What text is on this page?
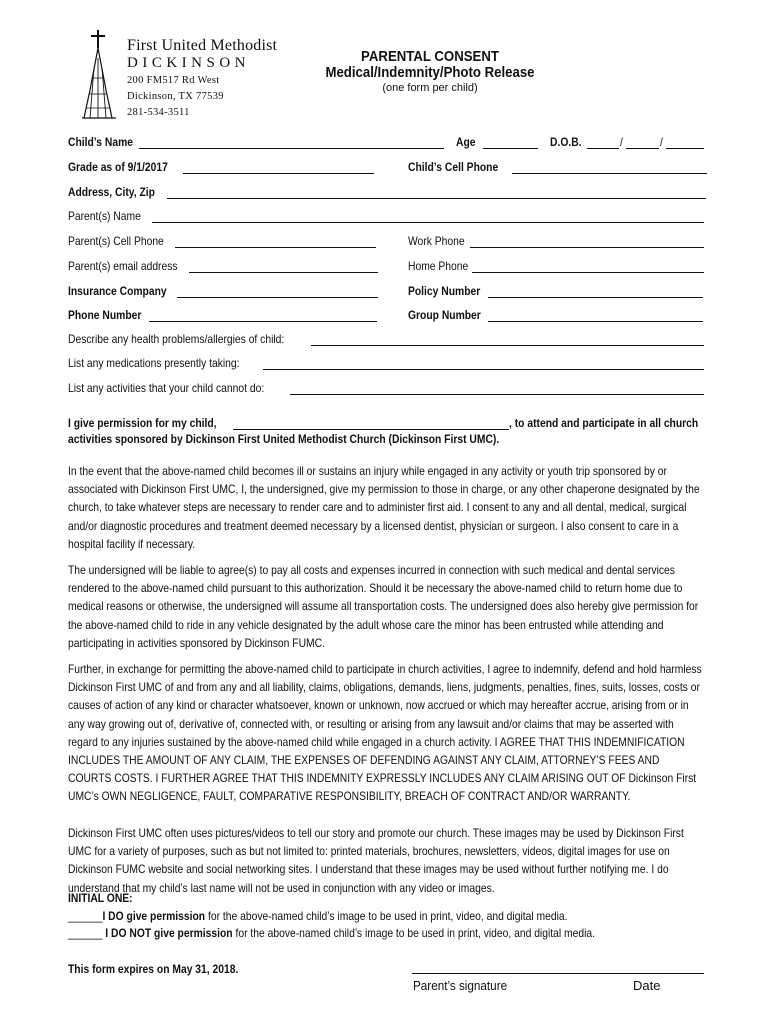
First United Methodist
DICKINSON
200 FM517 Rd West
Dickinson, TX 77539
281-534-3511
PARENTAL CONSENT
Medical/Indemnity/Photo Release
(one form per child)
Child’s Name	Age	D.O.B.	/	/
Grade as of 9/1/2017	Child’s Cell Phone
Address, City, Zip
Parent(s) Name
Parent(s) Cell Phone	Work Phone
Parent(s) email address	Home Phone
Insurance Company	Policy Number
Phone Number	Group Number
Describe any health problems/allergies of child:
List any medications presently taking:
List any activities that your child cannot do:
I give permission for my child,	, to attend and participate in all church
activities sponsored by Dickinson First United Methodist Church (Dickinson First UMC).
In the event that the above-named child becomes ill or sustains an injury while engaged in any activity or youth trip sponsored by or associated with Dickinson First UMC, I, the undersigned, give my permission to those in charge, or any other chaperone designated by the church, to take whatever steps are necessary to render care and to administer first aid. I consent to any and all dental, medical, surgical and/or diagnostic procedures and treatment deemed necessary by a licensed dentist, physician or surgeon. I also consent to care in a hospital facility if necessary.
The undersigned will be liable to agree(s) to pay all costs and expenses incurred in connection with such medical and dental services rendered to the above-named child pursuant to this authorization. Should it be necessary the above-named child to return home due to medical reasons or otherwise, the undersigned will assume all transportation costs. The undersigned does also hereby give permission for the above-named child to ride in any vehicle designated by the adult whose care the minor has been entrusted while attending and participating in activities sponsored by Dickinson FUMC.
Further, in exchange for permitting the above-named child to participate in church activities, I agree to indemnify, defend and hold harmless Dickinson First UMC of and from any and all liability, claims, obligations, demands, liens, judgments, penalties, fines, suits, losses, costs or causes of action of any kind or character whatsoever, known or unknown, now accrued or which may hereafter accrue, arising from or in any way growing out of, derivative of, connected with, or resulting or arising from any lawsuit and/or claims that may be asserted with regard to any injuries sustained by the above-named child while engaged in a church activity. I AGREE THAT THIS INDEMNIFICATION INCLUDES THE AMOUNT OF ANY CLAIM, THE EXPENSES OF DEFENDING AGAINST ANY CLAIM, ATTORNEY’S FEES AND COURTS COSTS. I FURTHER AGREE THAT THIS INDEMNITY EXPRESSLY INCLUDES ANY CLAIM ARISING OUT OF Dickinson First UMC’s OWN NEGLIGENCE, FAULT, COMPARATIVE RESPONSIBILITY, BREACH OF CONTRACT AND/OR WARRANTY.
Dickinson First UMC often uses pictures/videos to tell our story and promote our church. These images may be used by Dickinson First UMC for a variety of purposes, such as but not limited to: printed materials, brochures, newsletters, videos, digital images for use on Dickinson FUMC website and social networking sites. I understand that these images may be used without further notifying me. I do understand that my child’s last name will not be used in conjunction with any video or images.
INITIAL ONE:
______I DO give permission for the above-named child’s image to be used in print, video, and digital media.
______ I DO NOT give permission for the above-named child’s image to be used in print, video, and digital media.
This form expires on May 31, 2018.
Parent’s signature	Date
